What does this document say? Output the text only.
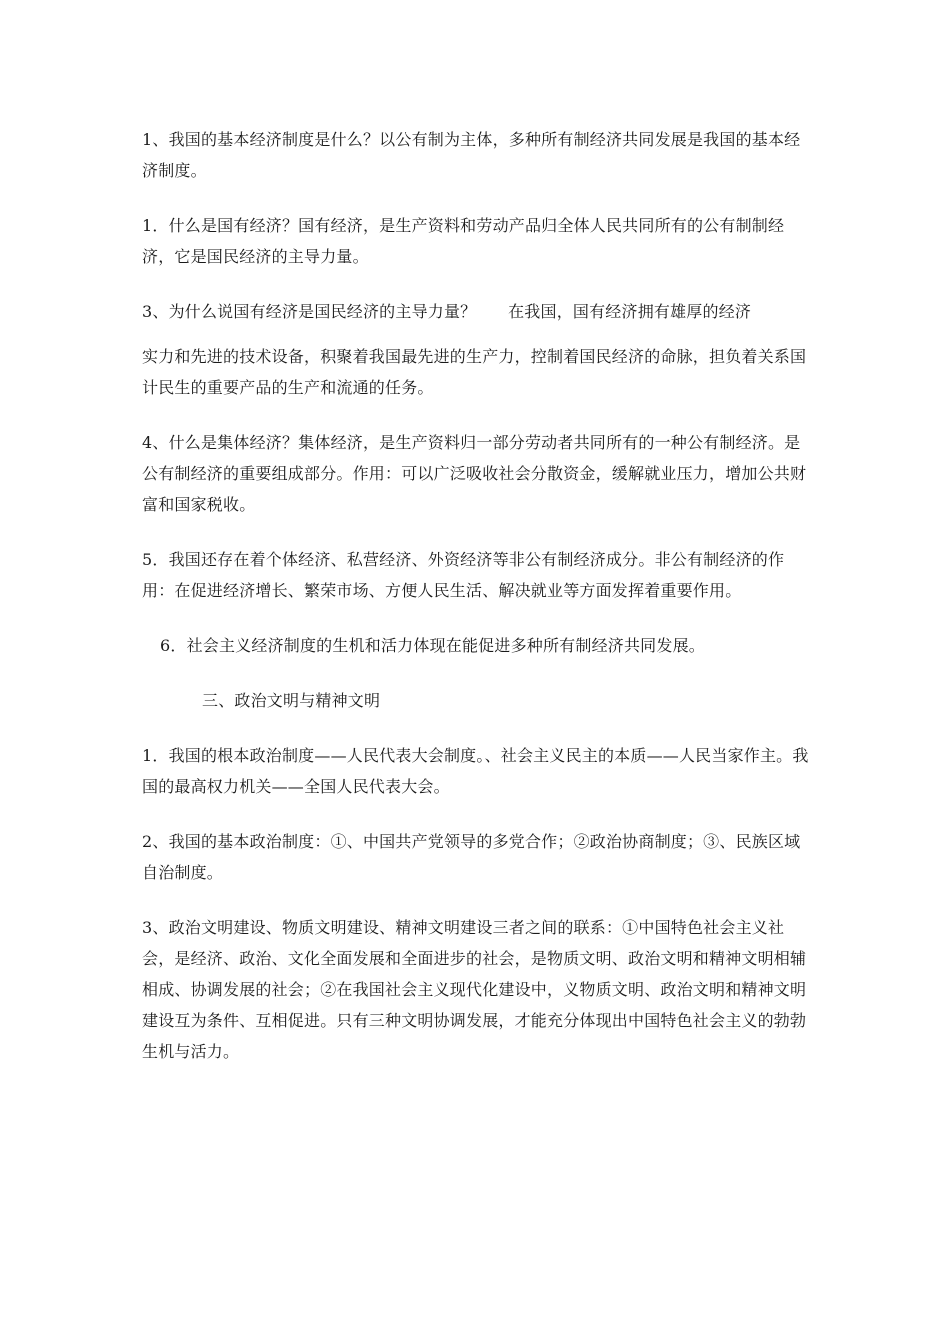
1、我国的基本经济制度是什么？以公有制为主体，多种所有制经济共同发展是我国的基本经济制度。

1．什么是国有经济？国有经济，是生产资料和劳动产品归全体人民共同所有的公有制制经济，它是国民经济的主导力量。

3、为什么说国有经济是国民经济的主导力量？      在我国，国有经济拥有雄厚的经济

实力和先进的技术设备，积聚着我国最先进的生产力，控制着国民经济的命脉，担负着关系国计民生的重要产品的生产和流通的任务。

4、什么是集体经济？集体经济，是生产资料归一部分劳动者共同所有的一种公有制经济。是公有制经济的重要组成部分。作用：可以广泛吸收社会分散资金，缓解就业压力，增加公共财富和国家税收。

5．我国还存在着个体经济、私营经济、外资经济等非公有制经济成分。非公有制经济的作用：在促进经济增长、繁荣市场、方便人民生活、解决就业等方面发挥着重要作用。

6．社会主义经济制度的生机和活力体现在能促进多种所有制经济共同发展。

三、政治文明与精神文明

1．我国的根本政治制度——人民代表大会制度。、社会主义民主的本质——人民当家作主。我国的最高权力机关——全国人民代表大会。

2、我国的基本政治制度：①、中国共产党领导的多党合作；②政治协商制度；③、民族区域自治制度。

3、政治文明建设、物质文明建设、精神文明建设三者之间的联系：①中国特色社会主义社会，是经济、政治、文化全面发展和全面进步的社会，是物质文明、政治文明和精神文明相辅相成、协调发展的社会；②在我国社会主义现代化建设中，义物质文明、政治文明和精神文明建设互为条件、互相促进。只有三种文明协调发展，才能充分体现出中国特色社会主义的勃勃生机与活力。
